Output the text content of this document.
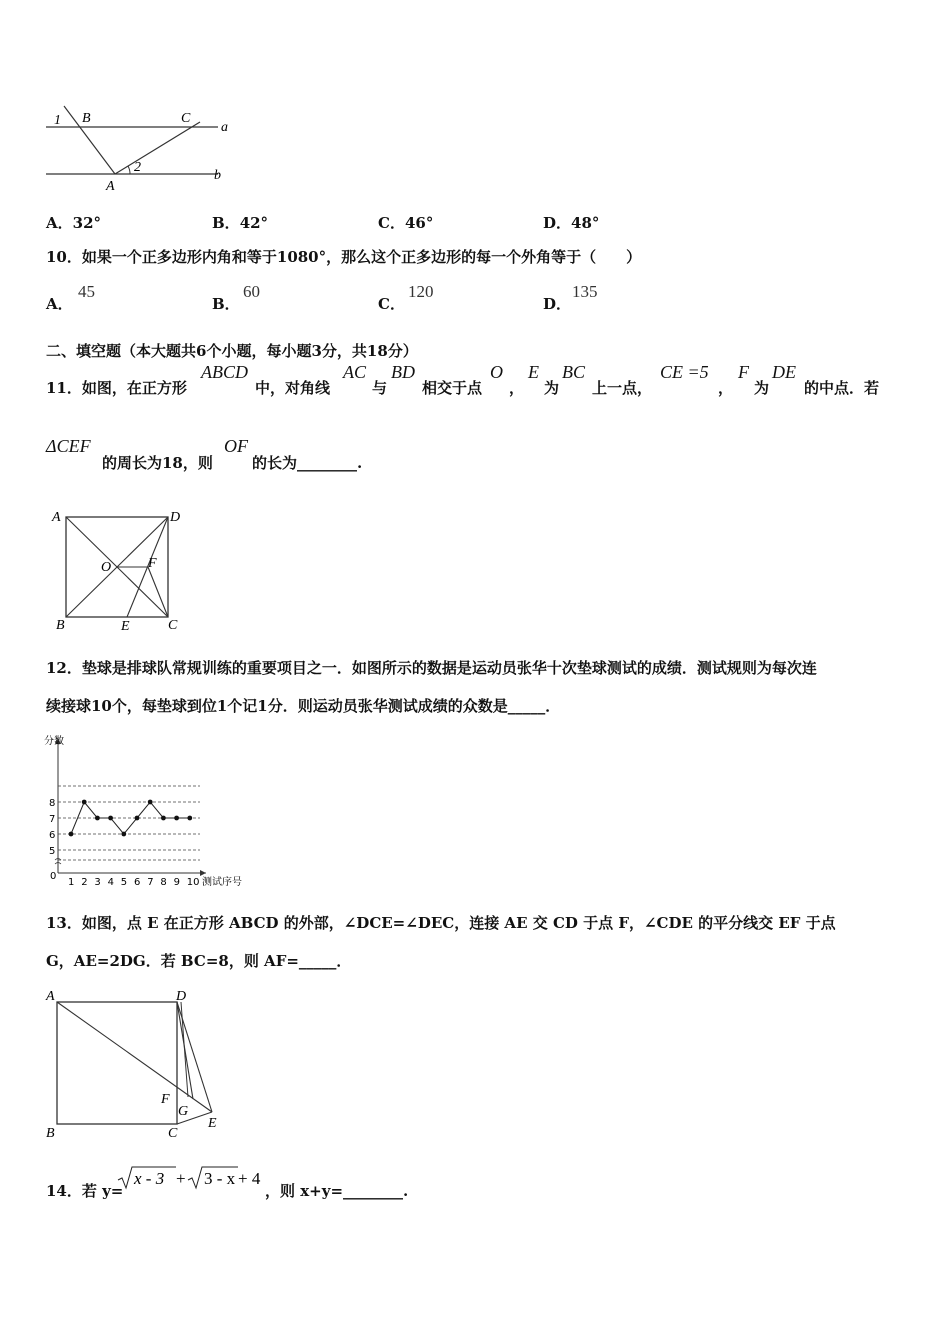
1 B	C
a
2
A
b
A．32°	B．42°	C．46°	D．48°
10．如果一个正多边形内角和等于1080°，那么这个正多边形的每一个外角等于（　　）
A．
45
B．
60
C．
120
D．
135
二、填空题（本大题共6个小题，每小题3分，共18分）
11．如图，在正方形
ABCD
中，对角线
AC
与
BD
相交于点
O
，
E
为
BC
上一点，
CE =5
，
F
为
DE
的中点．若
ΔCEF
的周长为18，则
OF
的长为________.
A	D
O	F
B	E	C
12．垫球是排球队常规训练的重要项目之一．如图所示的数据是运动员张华十次垫球测试的成绩．测试规则为每次连
续接球10个，每垫球到位1个记1分．则运动员张华测试成绩的众数是_____．
5
6
7
8
0
1 2 3 4 5 6 7 8 9 10
分数
测试序号
13．如图，点 E 在正方形 ABCD 的外部，∠DCE=∠DEC，连接 AE 交 CD 于点 F，∠CDE 的平分线交 EF 于点
G，AE=2DG．若 BC=8，则 AF=_____．
A	D
F
G
B	C
E
14．若 y=
x - 3 + 3 - x + 4
，则 x+y=________.
